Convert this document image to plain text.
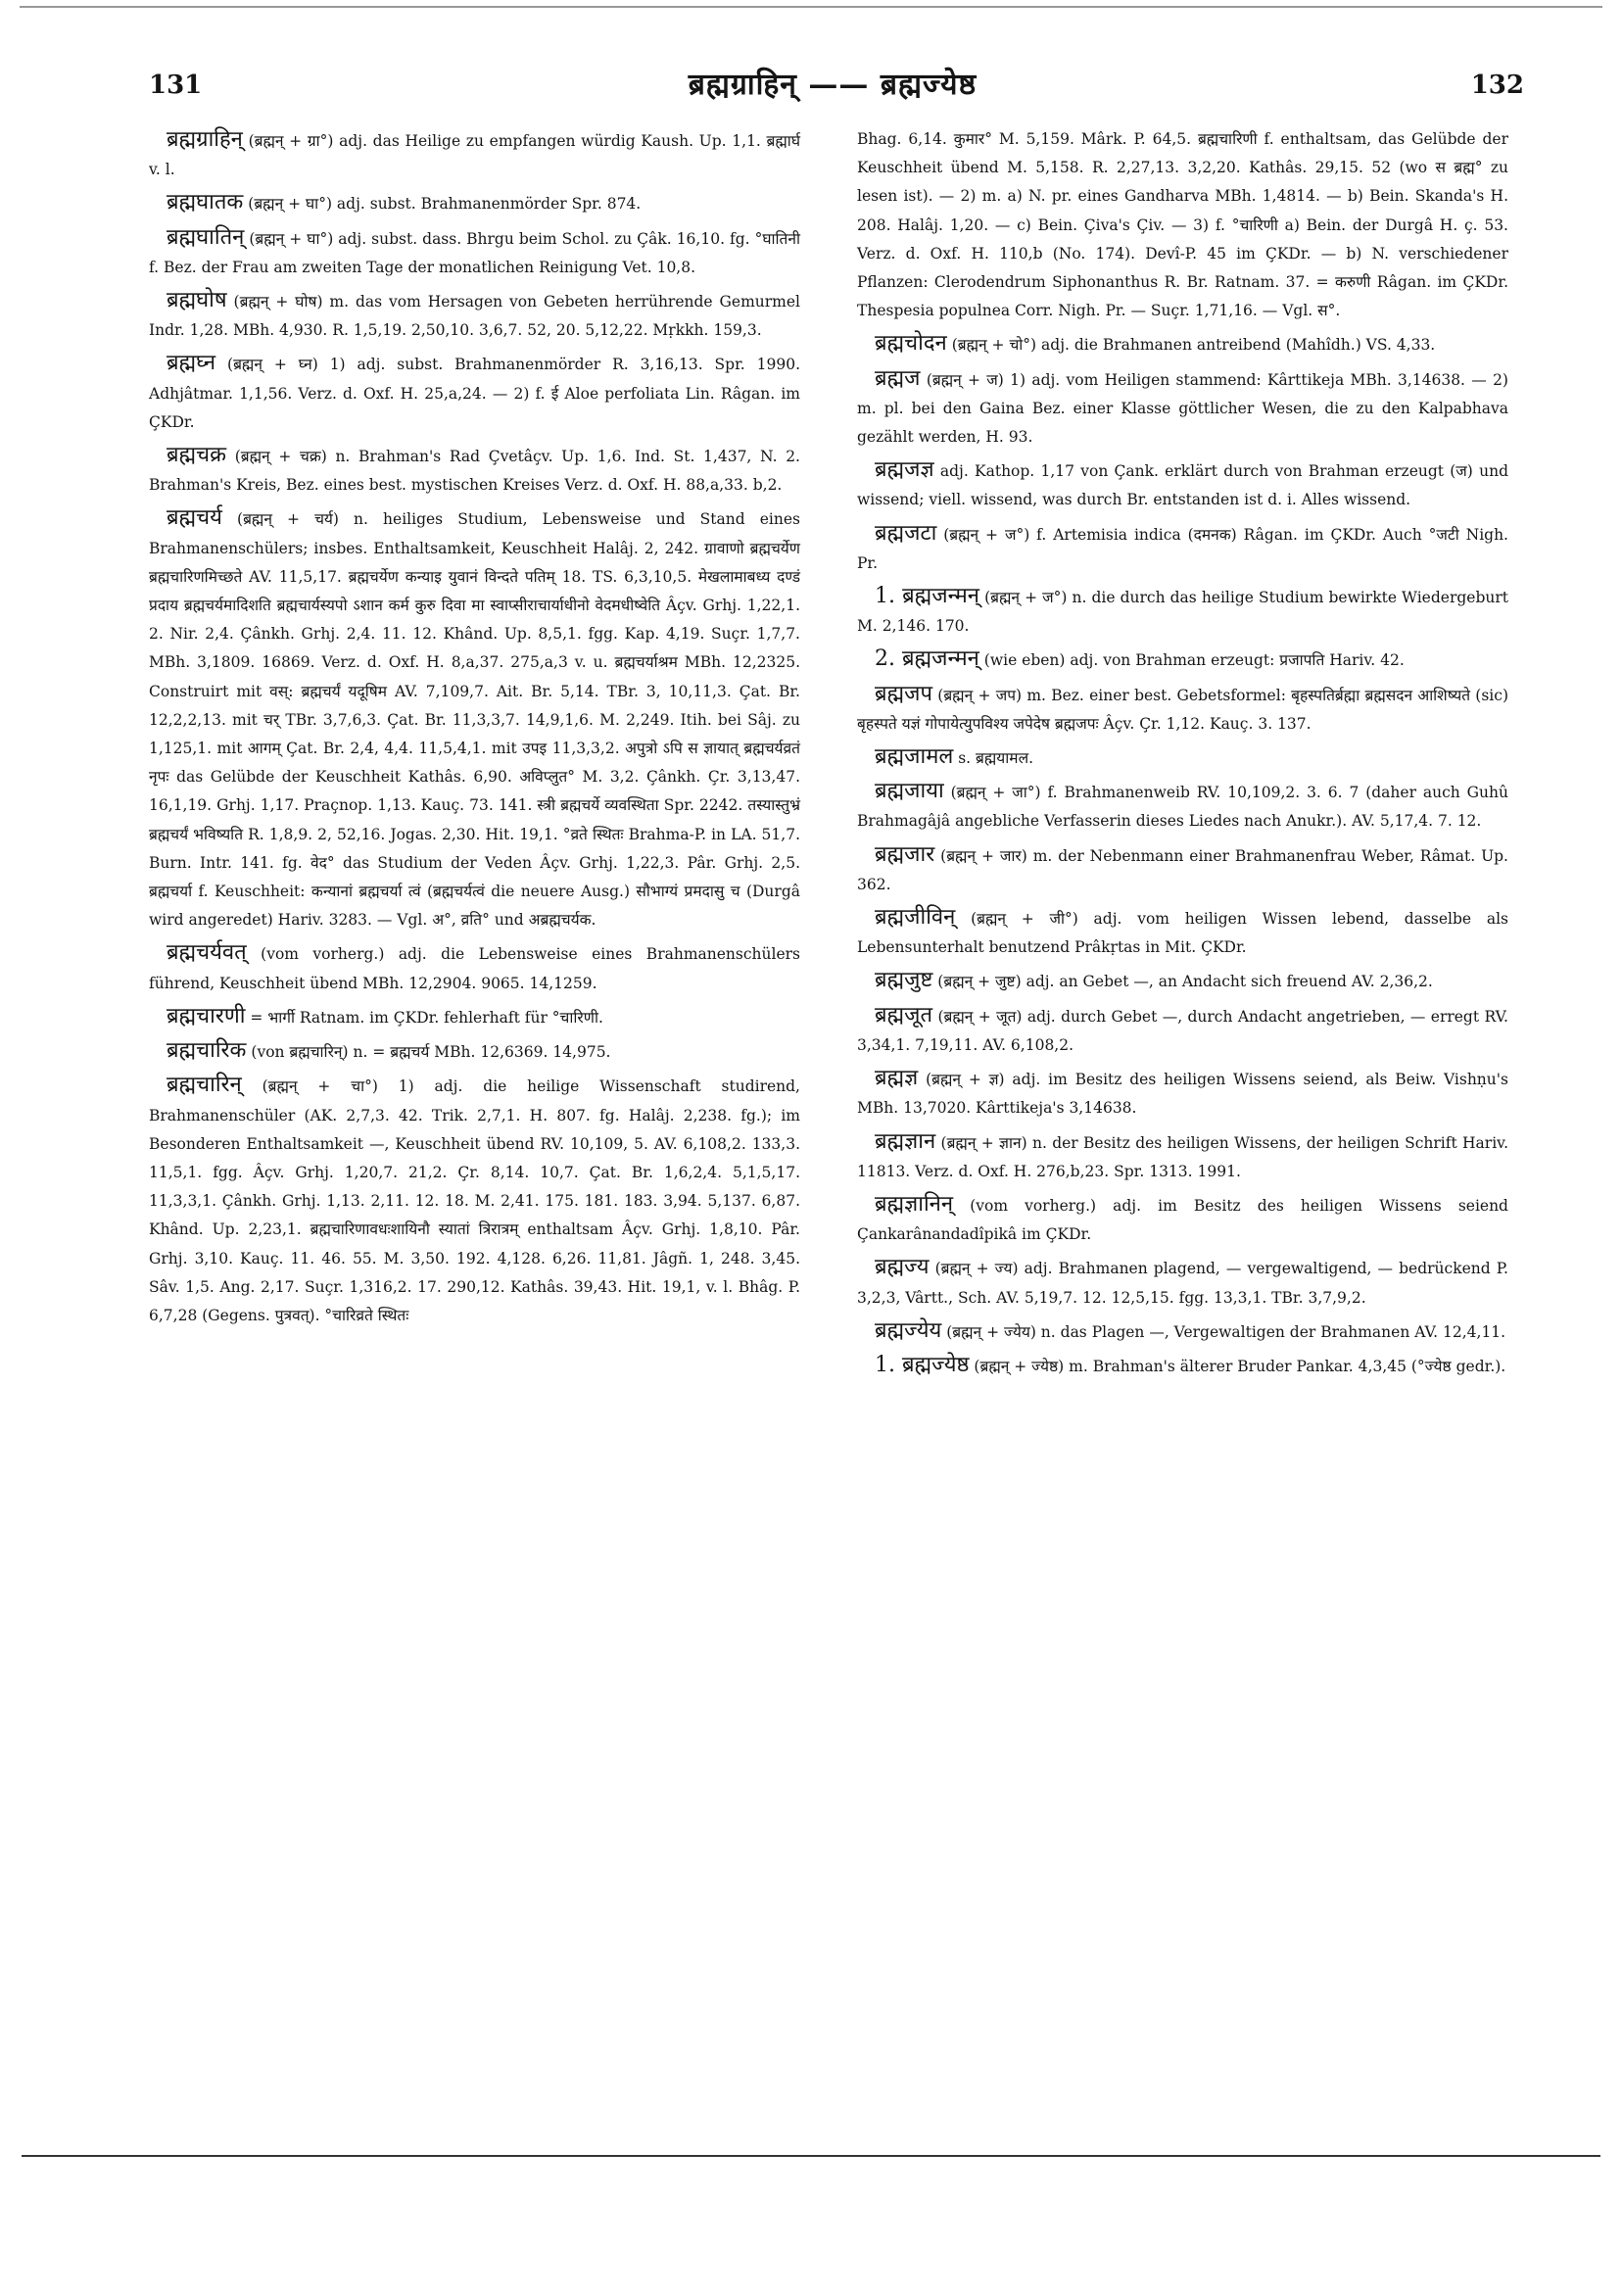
131	ब्रह्मग्राहिन् —— ब्रह्मज्येष्ठ	132

ब्रह्मग्राहिन् (ब्रह्मन् + ग्रा°) adj. das Heilige zu empfangen würdig Kaush. Up. 1,1. ब्रह्मार्घ v. l.

ब्रह्मघातक (ब्रह्मन् + घा°) adj. subst. Brahmanenmörder Spr. 874.

ब्रह्मघातिन् (ब्रह्मन् + घा°) adj. subst. dass. Bhrgu beim Schol. zu Çâk. 16,10. fg. °घातिनी f. Bez. der Frau am zweiten Tage der monatlichen Reinigung Vet. 10,8.

ब्रह्मघोष (ब्रह्मन् + घोष) m. das vom Hersagen von Gebeten herrührende Gemurmel Indr. 1,28. MBh. 4,930. R. 1,5,19. 2,50,10. 3,6,7. 52, 20. 5,12,22. Mṛkkh. 159,3.

ब्रह्मघ्न (ब्रह्मन् + घ्न) 1) adj. subst. Brahmanenmörder R. 3,16,13. Spr. 1990. Adhjâtmar. 1,1,56. Verz. d. Oxf. H. 25,a,24. — 2) f. ई Aloe perfoliata Lin. Râgan. im ÇKDr.

ब्रह्मचक्र (ब्रह्मन् + चक्र) n. Brahman's Rad Çvetâçv. Up. 1,6. Ind. St. 1,437, N. 2. Brahman's Kreis, Bez. eines best. mystischen Kreises Verz. d. Oxf. H. 88,a,33. b,2.

ब्रह्मचर्य (ब्रह्मन् + चर्य) n. heiliges Studium, Lebensweise und Stand eines Brahmanenschülers; insbes. Enthaltsamkeit, Keuschheit Halâj. 2, 242. ग्रावाणो ब्रह्मचर्येण ब्रह्मचारिणमिच्छते AV. 11,5,17. ब्रह्मचर्येण कन्याइ युवानं विन्दते पतिम् 18. TS. 6,3,10,5. मेखलामाबध्य दण्डं प्रदाय ब्रह्मचर्यमादिशति ब्रह्मचार्यस्यपो ऽशान कर्म कुरु दिवा मा स्वाप्सीराचार्याधीनो वेदमधीष्वेति Âçv. Grhj. 1,22,1. 2. Nir. 2,4. Çânkh. Grhj. 2,4. 11. 12. Khând. Up. 8,5,1. fgg. Kap. 4,19. Suçr. 1,7,7. MBh. 3,1809. 16869. Verz. d. Oxf. H. 8,a,37. 275,a,3 v. u. ब्रह्मचर्याश्रम MBh. 12,2325. Construirt mit वस्: ब्रह्मचर्यं यदूषिम AV. 7,109,7. Ait. Br. 5,14. TBr. 3, 10,11,3. Çat. Br. 12,2,2,13. mit चर् TBr. 3,7,6,3. Çat. Br. 11,3,3,7. 14,9,1,6. M. 2,249. Itih. bei Sâj. zu 1,125,1. mit आगम् Çat. Br. 2,4, 4,4. 11,5,4,1. mit उपइ 11,3,3,2. अपुत्रो ऽपि स ज्ञायात् ब्रह्मचर्यव्रतं नृपः das Gelübde der Keuschheit Kathâs. 6,90. अविप्लुत° M. 3,2. Çânkh. Çr. 3,13,47. 16,1,19. Grhj. 1,17. Praçnop. 1,13. Kauç. 73. 141. स्त्री ब्रह्मचर्ये व्यवस्थिता Spr. 2242. तस्यास्तुभ्रं ब्रह्मचर्यं भविष्यति R. 1,8,9. 2, 52,16. Jogas. 2,30. Hit. 19,1. °व्रते स्थितः Brahma-P. in LA. 51,7. Burn. Intr. 141. fg. वेद° das Studium der Veden Âçv. Grhj. 1,22,3. Pâr. Grhj. 2,5. ब्रह्मचर्या f. Keuschheit: कन्यानां ब्रह्मचर्या त्वं (ब्रह्मचर्यत्वं die neuere Ausg.) सौभाग्यं प्रमदासु च (Durgâ wird angeredet) Hariv. 3283. — Vgl. अ°, व्रति° und अब्रह्मचर्यक.

ब्रह्मचर्यवत् (vom vorherg.) adj. die Lebensweise eines Brahmanenschülers führend, Keuschheit übend MBh. 12,2904. 9065. 14,1259.

ब्रह्मचारणी = भार्गी Ratnam. im ÇKDr. fehlerhaft für °चारिणी.

ब्रह्मचारिक (von ब्रह्मचारिन्) n. = ब्रह्मचर्य MBh. 12,6369. 14,975.

ब्रह्मचारिन् (ब्रह्मन् + चा°) 1) adj. die heilige Wissenschaft studirend, Brahmanenschüler (AK. 2,7,3. 42. Trik. 2,7,1. H. 807. fg. Halâj. 2,238. fg.); im Besonderen Enthaltsamkeit —, Keuschheit übend RV. 10,109, 5. AV. 6,108,2. 133,3. 11,5,1. fgg. Âçv. Grhj. 1,20,7. 21,2. Çr. 8,14. 10,7. Çat. Br. 1,6,2,4. 5,1,5,17. 11,3,3,1. Çânkh. Grhj. 1,13. 2,11. 12. 18. M. 2,41. 175. 181. 183. 3,94. 5,137. 6,87. Khând. Up. 2,23,1. ब्रह्मचारिणावधःशायिनौ स्यातां त्रिरात्रम् enthaltsam Âçv. Grhj. 1,8,10. Pâr. Grhj. 3,10. Kauç. 11. 46. 55. M. 3,50. 192. 4,128. 6,26. 11,81. Jâgñ. 1, 248. 3,45. Sâv. 1,5. Ang. 2,17. Suçr. 1,316,2. 17. 290,12. Kathâs. 39,43. Hit. 19,1, v. l. Bhâg. P. 6,7,28 (Gegens. पुत्रवत्). °चारिव्रते स्थितः

Bhag. 6,14. कुमार° M. 5,159. Mârk. P. 64,5. ब्रह्मचारिणी f. enthaltsam, das Gelübde der Keuschheit übend M. 5,158. R. 2,27,13. 3,2,20. Kathâs. 29,15. 52 (wo स ब्रह्म° zu lesen ist). — 2) m. a) N. pr. eines Gandharva MBh. 1,4814. — b) Bein. Skanda's H. 208. Halâj. 1,20. — c) Bein. Çiva's Çiv. — 3) f. °चारिणी a) Bein. der Durgâ H. ç. 53. Verz. d. Oxf. H. 110,b (No. 174). Devî-P. 45 im ÇKDr. — b) N. verschiedener Pflanzen: Clerodendrum Siphonanthus R. Br. Ratnam. 37. = करुणी Râgan. im ÇKDr. Thespesia populnea Corr. Nigh. Pr. — Suçr. 1,71,16. — Vgl. स°.

ब्रह्मचोदन (ब्रह्मन् + चो°) adj. die Brahmanen antreibend (Mahîdh.) VS. 4,33.

ब्रह्मज (ब्रह्मन् + ज) 1) adj. vom Heiligen stammend: Kârttikeja MBh. 3,14638. — 2) m. pl. bei den Gaina Bez. einer Klasse göttlicher Wesen, die zu den Kalpabhava gezählt werden, H. 93.

ब्रह्मजज्ञ adj. Kathop. 1,17 von Çank. erklärt durch von Brahman erzeugt (ज) und wissend; viell. wissend, was durch Br. entstanden ist d. i. Alles wissend.

ब्रह्मजटा (ब्रह्मन् + ज°) f. Artemisia indica (दमनक) Râgan. im ÇKDr. Auch °जटी Nigh. Pr.

1. ब्रह्मजन्मन् (ब्रह्मन् + ज°) n. die durch das heilige Studium bewirkte Wiedergeburt M. 2,146. 170.

2. ब्रह्मजन्मन् (wie eben) adj. von Brahman erzeugt: प्रजापति Hariv. 42.

ब्रह्मजप (ब्रह्मन् + जप) m. Bez. einer best. Gebetsformel: बृहस्पतिर्ब्रह्मा ब्रह्मसदन आशिष्यते (sic) बृहस्पते यज्ञं गोपायेत्युपविश्य जपेदेष ब्रह्मजपः Âçv. Çr. 1,12. Kauç. 3. 137.

ब्रह्मजामल s. ब्रह्मयामल.

ब्रह्मजाया (ब्रह्मन् + जा°) f. Brahmanenweib RV. 10,109,2. 3. 6. 7 (daher auch Guhû Brahmagâjâ angebliche Verfasserin dieses Liedes nach Anukr.). AV. 5,17,4. 7. 12.

ब्रह्मजार (ब्रह्मन् + जार) m. der Nebenmann einer Brahmanenfrau Weber, Râmat. Up. 362.

ब्रह्मजीविन् (ब्रह्मन् + जी°) adj. vom heiligen Wissen lebend, dasselbe als Lebensunterhalt benutzend Prâkṛtas in Mit. ÇKDr.

ब्रह्मजुष्ट (ब्रह्मन् + जुष्ट) adj. an Gebet —, an Andacht sich freuend AV. 2,36,2.

ब्रह्मजूत (ब्रह्मन् + जूत) adj. durch Gebet —, durch Andacht angetrieben, — erregt RV. 3,34,1. 7,19,11. AV. 6,108,2.

ब्रह्मज्ञ (ब्रह्मन् + ज्ञ) adj. im Besitz des heiligen Wissens seiend, als Beiw. Vishṇu's MBh. 13,7020. Kârttikeja's 3,14638.

ब्रह्मज्ञान (ब्रह्मन् + ज्ञान) n. der Besitz des heiligen Wissens, der heiligen Schrift Hariv. 11813. Verz. d. Oxf. H. 276,b,23. Spr. 1313. 1991.

ब्रह्मज्ञानिन् (vom vorherg.) adj. im Besitz des heiligen Wissens seiend Çankarânandadîpikâ im ÇKDr.

ब्रह्मज्य (ब्रह्मन् + ज्य) adj. Brahmanen plagend, — vergewaltigend, — bedrückend P. 3,2,3, Vârtt., Sch. AV. 5,19,7. 12. 12,5,15. fgg. 13,3,1. TBr. 3,7,9,2.

ब्रह्मज्येय (ब्रह्मन् + ज्येय) n. das Plagen —, Vergewaltigen der Brahmanen AV. 12,4,11.

1. ब्रह्मज्येष्ठ (ब्रह्मन् + ज्येष्ठ) m. Brahman's älterer Bruder Pankar. 4,3,45 (°ज्येष्ठ gedr.).
